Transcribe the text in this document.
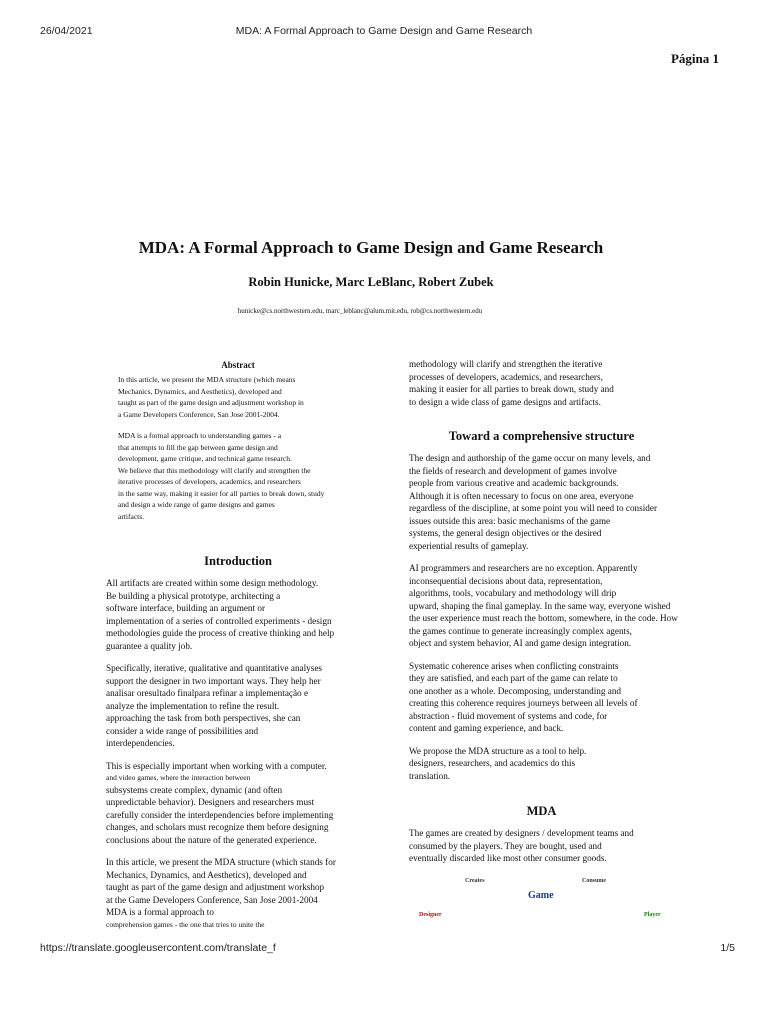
26/04/2021	MDA: A Formal Approach to Game Design and Game Research
Página 1
MDA: A Formal Approach to Game Design and Game Research
Robin Hunicke, Marc LeBlanc, Robert Zubek
hunicke@cs.northwestern.edu, marc_leblanc@alum.mit.edu, rob@cs.northwestern.edu
Abstract

In this article, we present the MDA structure (which means
Mechanics, Dynamics, and Aesthetics), developed and
taught as part of the game design and adjustment workshop in
a Game Developers Conference, San Jose 2001-2004.

MDA is a formal approach to understanding games - a
that attempts to fill the gap between game design and
development, game critique, and technical game research.
We believe that this methodology will clarify and strengthen the
iterative processes of developers, academics, and researchers
in the same way, making it easier for all parties to break down, study
and design a wide range of game designs and games
artifacts.

Introduction

All artifacts are created within some design methodology.
Be building a physical prototype, architecting a
software interface, building an argument or
implementation of a series of controlled experiments - design
methodologies guide the process of creative thinking and help
guarantee a quality job.

Specifically, iterative, qualitative and quantitative analyses
support the designer in two important ways. They help her
analisar oresultado finalpara refinar a implementação e
analyze the implementation to refine the result.
approaching the task from both perspectives, she can
consider a wide range of possibilities and
interdependencies.

This is especially important when working with a computer.

and video games, where the interaction between

subsystems create complex, dynamic (and often
unpredictable behavior). Designers and researchers must
carefully consider the interdependencies before implementing
changes, and scholars must recognize them before designing
conclusions about the nature of the generated experience.

In this article, we present the MDA structure (which stands for
Mechanics, Dynamics, and Aesthetics), developed and
taught as part of the game design and adjustment workshop
at the Game Developers Conference, San Jose 2001-2004
MDA is a formal approach to

comprehension games - the one that tries to unite the

methodology will clarify and strengthen the iterative
processes of developers, academics, and researchers,
making it easier for all parties to break down, study and
to design a wide class of game designs and artifacts.

Toward a comprehensive structure

The design and authorship of the game occur on many levels, and
the fields of research and development of games involve
people from various creative and academic backgrounds.
Although it is often necessary to focus on one area, everyone
regardless of the discipline, at some point you will need to consider
issues outside this area: basic mechanisms of the game
systems, the general design objectives or the desired
experiential results of gameplay.

AI programmers and researchers are no exception. Apparently
inconsequential decisions about data, representation,
algorithms, tools, vocabulary and methodology will drip
upward, shaping the final gameplay. In the same way, everyone wished
the user experience must reach the bottom, somewhere, in the code. How
the games continue to generate increasingly complex agents,
object and system behavior, AI and game design integration.

Systematic coherence arises when conflicting constraints
they are satisfied, and each part of the game can relate to
one another as a whole. Decomposing, understanding and
creating this coherence requires journeys between all levels of
abstraction - fluid movement of systems and code, for
content and gaming experience, and back.

We propose the MDA structure as a tool to help.
designers, researchers, and academics do this
translation.

MDA

The games are created by designers / development teams and
consumed by the players. They are bought, used and
eventually discarded like most other consumer goods.

Creates	Consume
Game
Designer	Player
https://translate.googleusercontent.com/translate_f	1/5
